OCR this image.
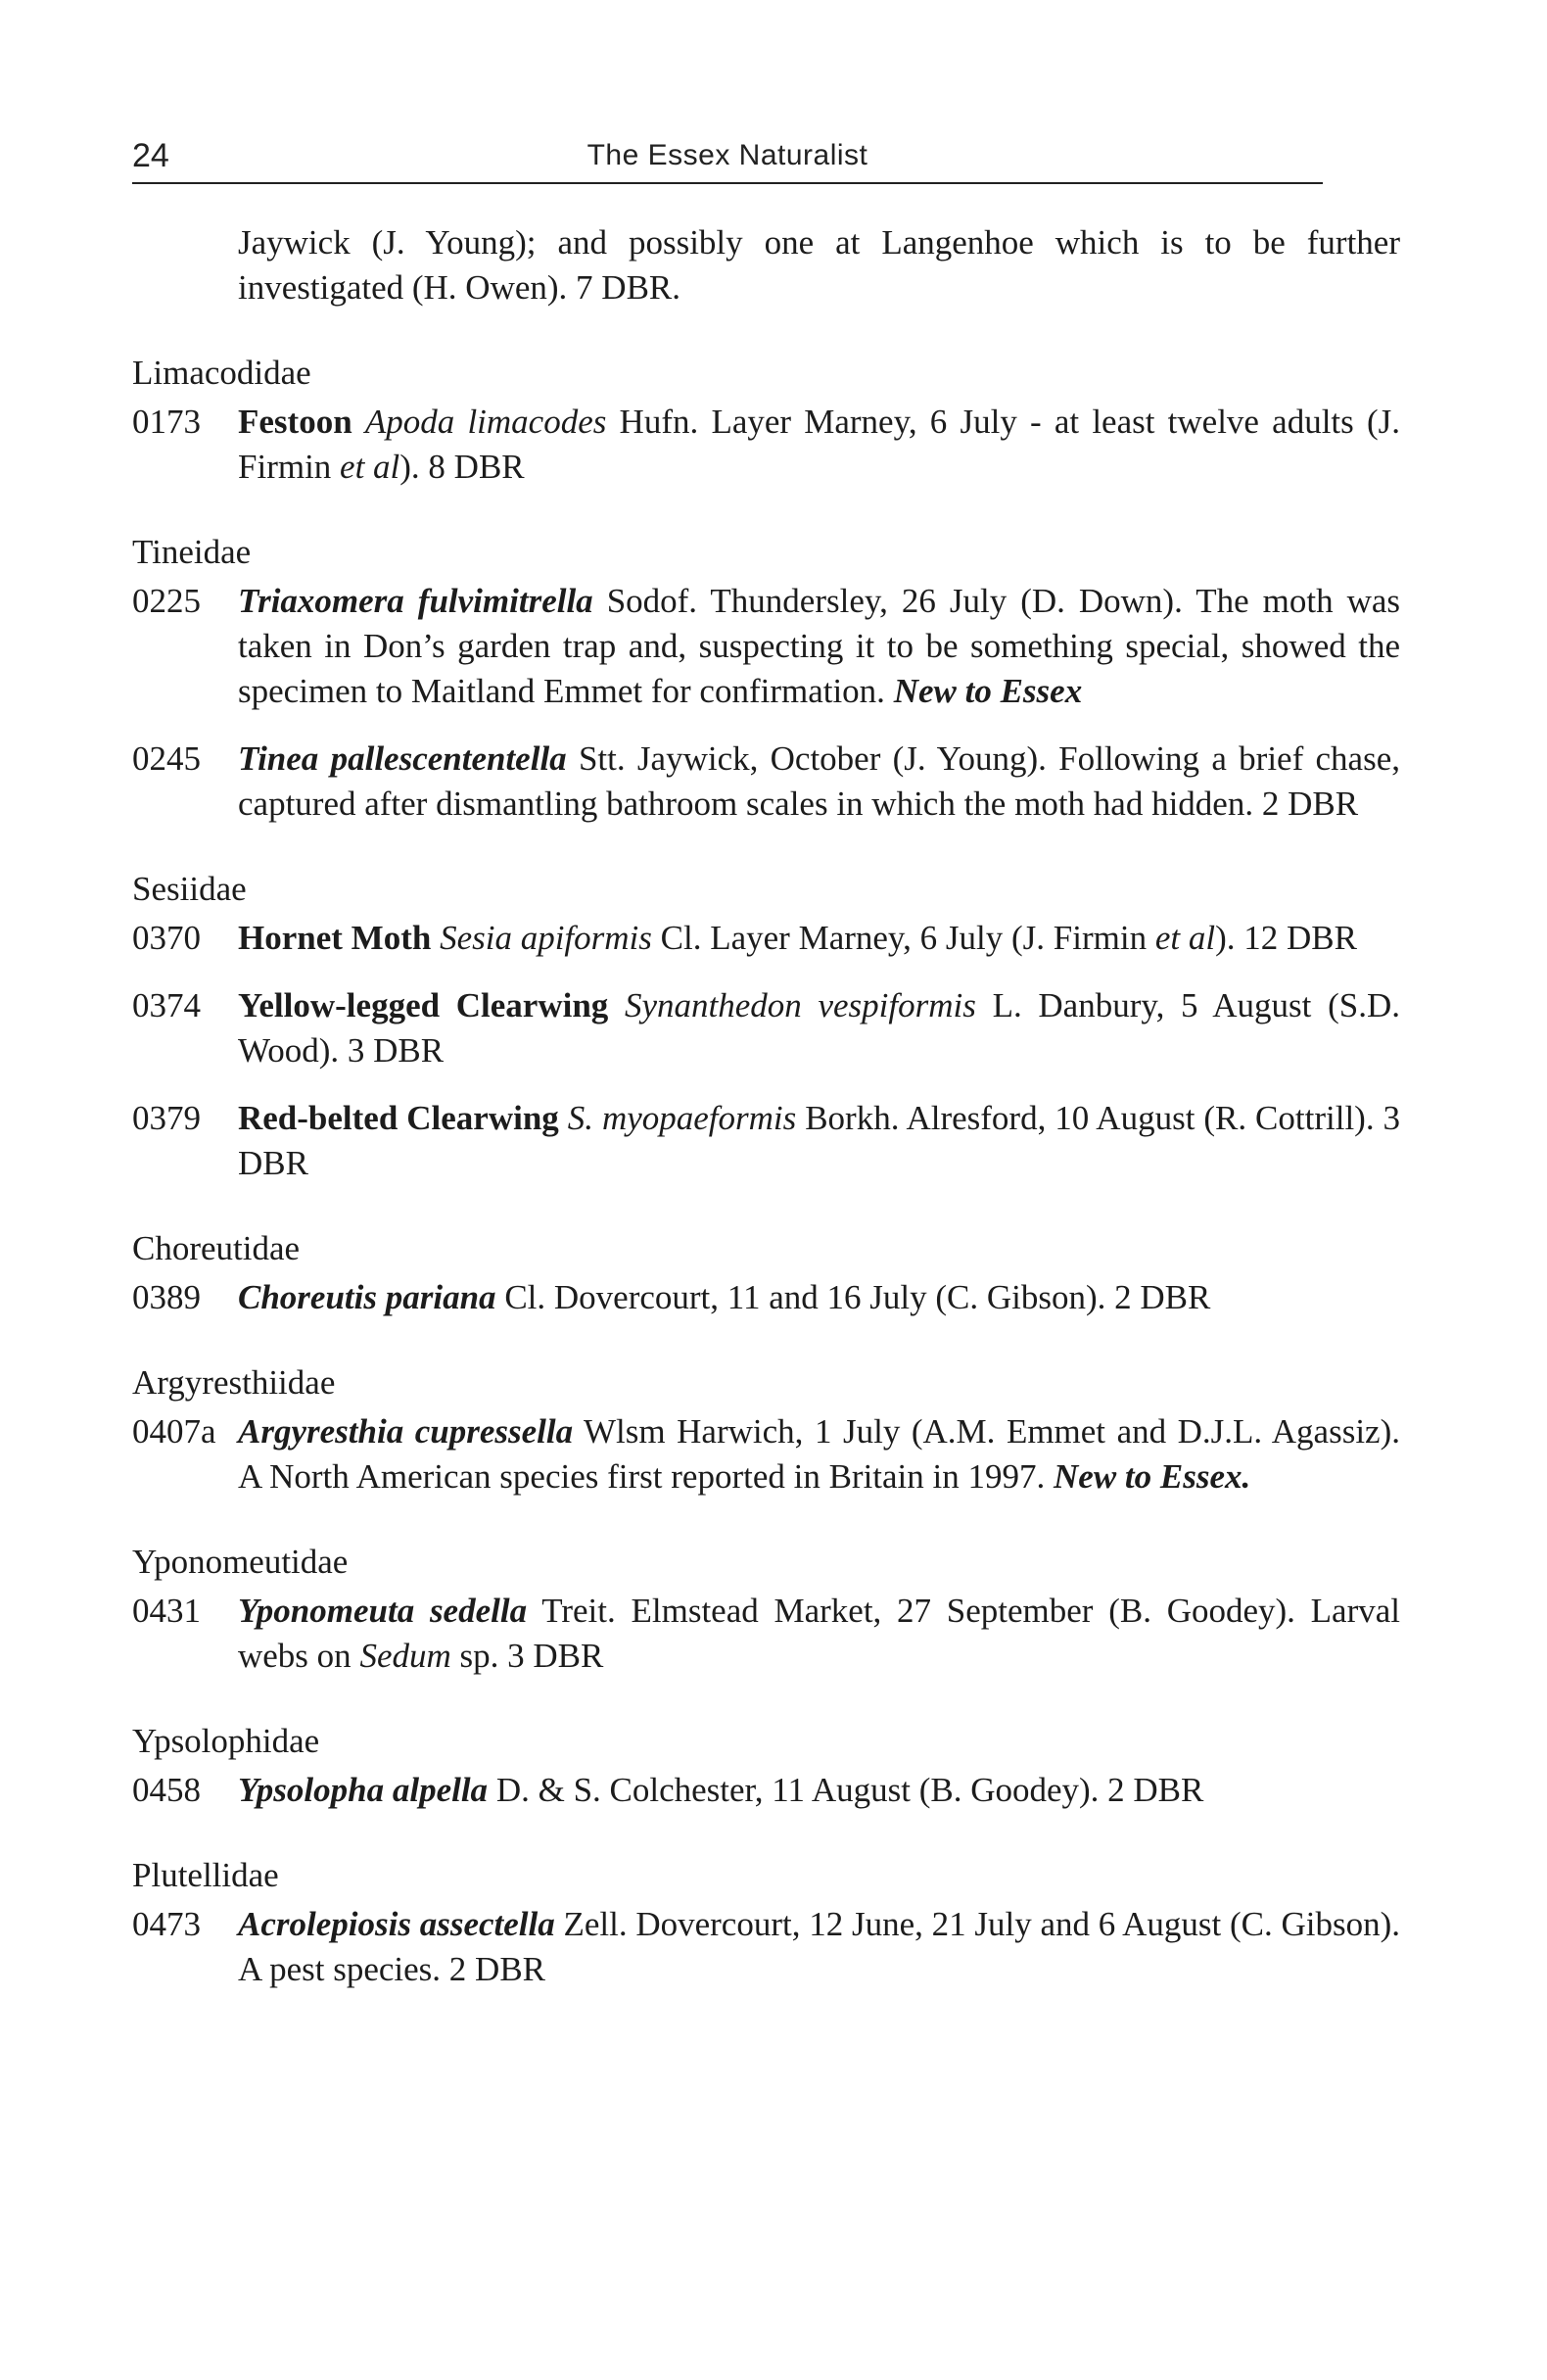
24	The Essex Naturalist

Jaywick (J. Young); and possibly one at Langenhoe which is to be further investigated (H. Owen). 7 DBR.

Limacodidae
0173	Festoon Apoda limacodes Hufn. Layer Marney, 6 July - at least twelve adults (J. Firmin et al). 8 DBR
Tineidae
0225	Triaxomera fulvimitrella Sodof. Thundersley, 26 July (D. Down). The moth was taken in Don’s garden trap and, suspecting it to be something special, showed the specimen to Maitland Emmet for confirmation. New to Essex
0245	Tinea pallescententella Stt. Jaywick, October (J. Young). Following a brief chase, captured after dismantling bathroom scales in which the moth had hidden. 2 DBR
Sesiidae
0370	Hornet Moth Sesia apiformis Cl. Layer Marney, 6 July (J. Firmin et al). 12 DBR
0374	Yellow-legged Clearwing Synanthedon vespiformis L. Danbury, 5 August (S.D. Wood). 3 DBR
0379	Red-belted Clearwing S. myopaeformis Borkh. Alresford, 10 August (R. Cottrill). 3 DBR
Choreutidae
0389	Choreutis pariana Cl. Dovercourt, 11 and 16 July (C. Gibson). 2 DBR
Argyresthiidae
0407a Argyresthia cupressella Wlsm Harwich, 1 July (A.M. Emmet and D.J.L. Agassiz). A North American species first reported in Britain in 1997. New to Essex.
Yponomeutidae
0431	Yponomeuta sedella Treit. Elmstead Market, 27 September (B. Goodey). Larval webs on Sedum sp. 3 DBR
Ypsolophidae
0458	Ypsolopha alpella D. & S. Colchester, 11 August (B. Goodey). 2 DBR
Plutellidae
0473	Acrolepiosis assectella Zell. Dovercourt, 12 June, 21 July and 6 August (C. Gibson). A pest species. 2 DBR
